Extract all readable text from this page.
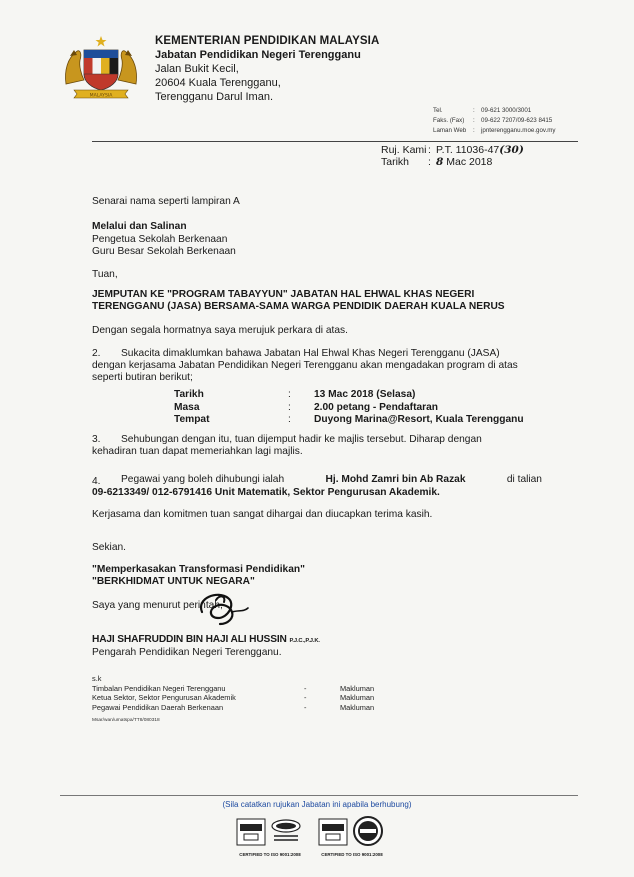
MALAYSIA
KEMENTERIAN PENDIDIKAN MALAYSIA
Jabatan Pendidikan Negeri Terengganu
Jalan Bukit Kecil,
20604 Kuala Terengganu,
Terengganu Darul Iman.
Tel.	: 09-621 3000/3001
Faks. (Fax) : 09-622 7207/09-623 8415
Laman Web : jpnterengganu.moe.gov.my
Ruj. Kami: P.T. 11036-47(30)
Tarikh : 8 Mac 2018
Senarai nama seperti lampiran A
Melalui dan Salinan
Pengetua Sekolah Berkenaan
Guru Besar Sekolah Berkenaan
Tuan,
JEMPUTAN KE "PROGRAM TABAYYUN" JABATAN HAL EHWAL KHAS NEGERI
TERENGGANU (JASA) BERSAMA-SAMA WARGA PENDIDIK DAERAH KUALA NERUS
Dengan segala hormatnya saya merujuk perkara di atas.
2. Sukacita dimaklumkan bahawa Jabatan Hal Ehwal Khas Negeri Terengganu (JASA)
dengan kerjasama Jabatan Pendidikan Negeri Terengganu akan mengadakan program di atas
seperti butiran berikut;
Tarikh	: 13 Mac 2018 (Selasa)
Masa	: 2.00 petang - Pendaftaran
Tempat	: Duyong Marina@Resort, Kuala Terengganu
3. Sehubungan dengan itu, tuan dijemput hadir ke majlis tersebut. Diharap dengan
kehadiran tuan dapat memeriahkan lagi majlis.
4. Pegawai yang boleh dihubungi ialah	Hj. Mohd Zamri bin Ab Razak	di talian
09-6213349/ 012-6791416 Unit Matematik, Sektor Pengurusan Akademik.
Kerjasama dan komitmen tuan sangat dihargai dan diucapkan terima kasih.
Sekian.
"Memperkasakan Transformasi Pendidikan"
"BERKHIDMAT UNTUK NEGARA"
Saya yang menurut perintah,
HAJI SHAFRUDDIN BIN HAJI ALI HUSSIN P.J.C.,P.J.K.
Pengarah Pendidikan Negeri Terengganu.
s.k
Timbalan Pendidikan Negeri Terengganu	-	Makluman
Ketua Sektor, Sektor Pengurusan Akademik	-	Makluman
Pegawai Pendidikan Daerah Berkenaan	-	Makluman
Msar/wan/umatspa/TT8/080318
(Sila catatkan rujukan Jabatan ini apabila berhubung)
CERTIFIED TO ISO 9001:2008	CERTIFIED TO ISO 9001:2008
